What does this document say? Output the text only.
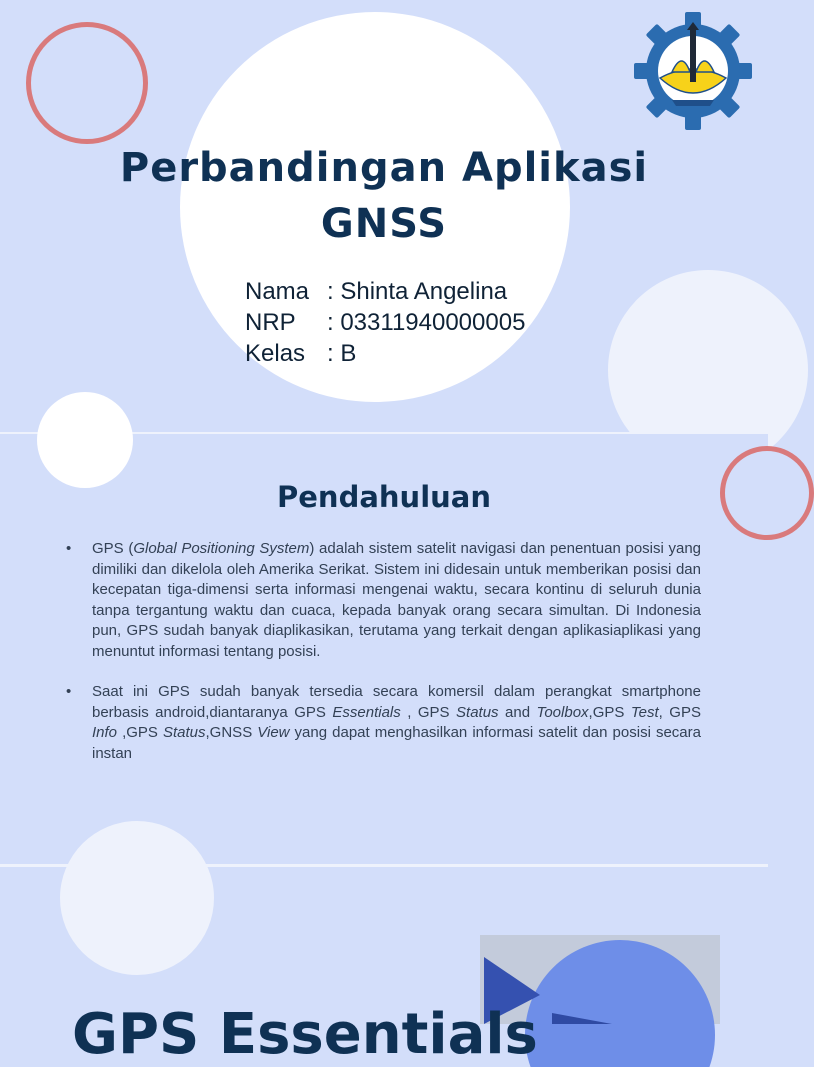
Perbandingan Aplikasi
GNSS
Nama : Shinta Angelina
NRP	: 03311940000005
Kelas : B
Pendahuluan
• GPS (Global Positioning System) adalah sistem satelit navigasi dan penentuan posisi yang dimiliki dan dikelola oleh Amerika Serikat. Sistem ini didesain untuk memberikan posisi dan kecepatan tiga-dimensi serta informasi mengenai waktu, secara kontinu di seluruh dunia tanpa tergantung waktu dan cuaca, kepada banyak orang secara simultan. Di Indonesia pun, GPS sudah banyak diaplikasikan, terutama yang terkait dengan aplikasiaplikasi yang menuntut informasi tentang posisi.
• Saat ini GPS sudah banyak tersedia secara komersil dalam perangkat smartphone berbasis android,diantaranya GPS Essentials , GPS Status and Toolbox,GPS Test, GPS Info ,GPS Status,GNSS View yang dapat menghasilkan informasi satelit dan posisi secara instan
GPS Essentials
